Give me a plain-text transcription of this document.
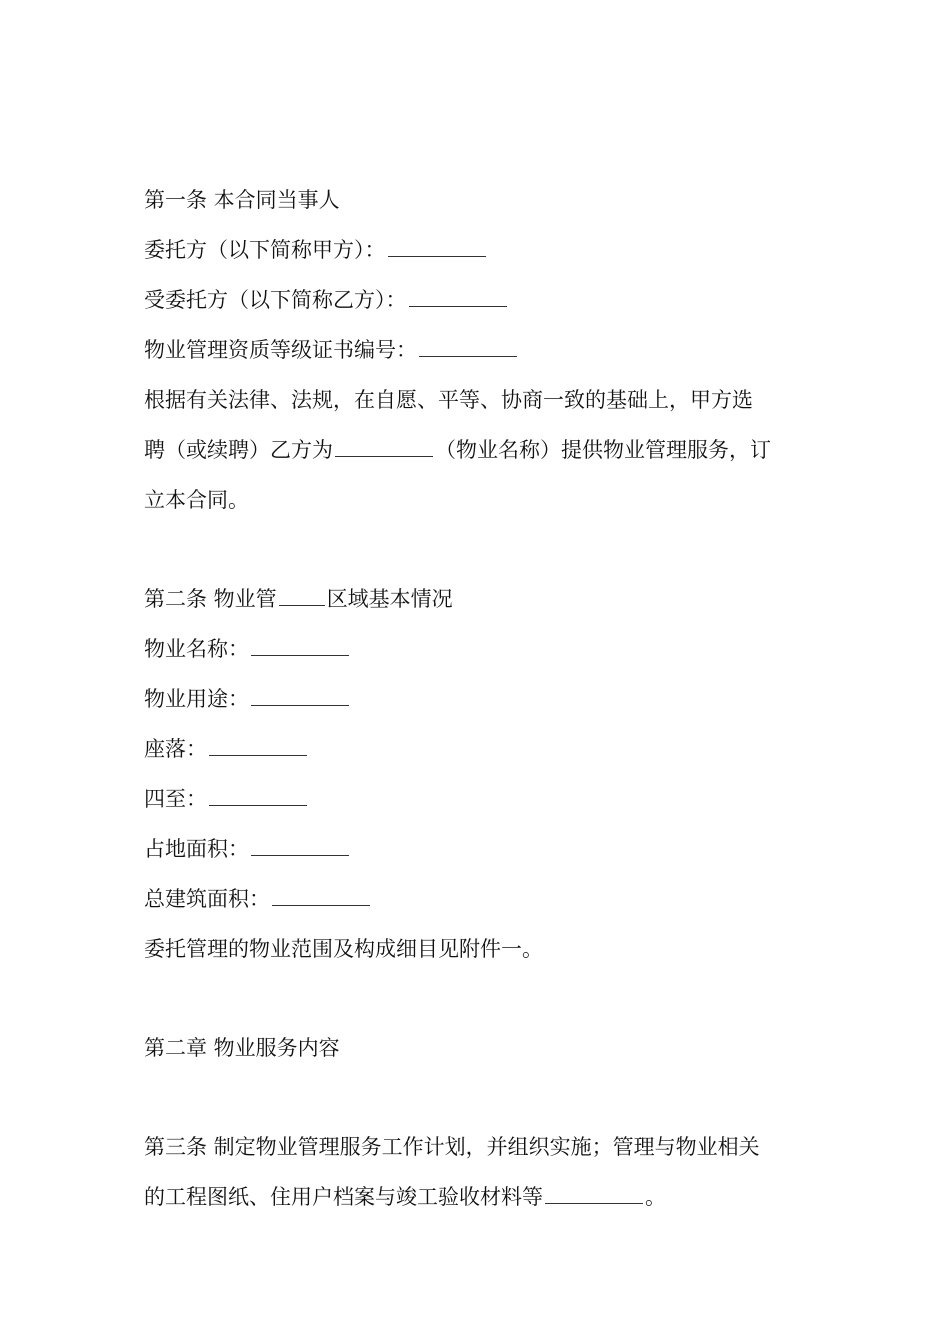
第一条 本合同当事人
委托方（以下简称甲方）：
受委托方（以下简称乙方）：
物业管理资质等级证书编号：
根据有关法律、法规，在自愿、平等、协商一致的基础上，甲方选
聘（或续聘）乙方为	（物业名称）提供物业管理服务，订
立本合同。
第二条 物业管 区域基本情况
物业名称：
物业用途：
座落：
四至：
占地面积：
总建筑面积：
委托管理的物业范围及构成细目见附件一。
第二章 物业服务内容
第三条 制定物业管理服务工作计划，并组织实施；管理与物业相关
的工程图纸、住用户档案与竣工验收材料等	。
